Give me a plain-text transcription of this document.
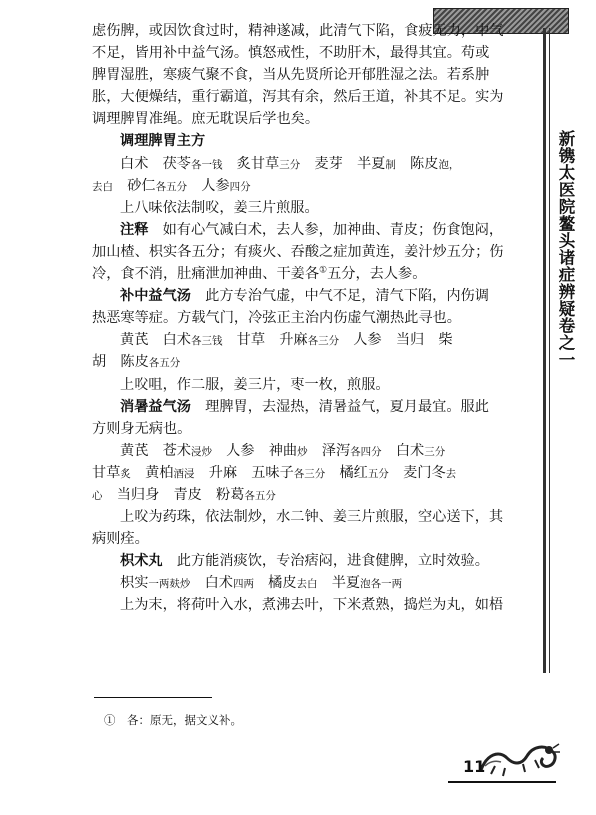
新镌太医院鳌头诸症辨疑卷之一
虑伤脾，或因饮食过时，精神遂减，此清气下陷，食疲无力，中气
不足，皆用补中益气汤。慎怒戒性，不助肝木，最得其宜。苟或
脾胃湿胜，寒痰气聚不食，当从先贤所论开郁胜湿之法。若系肿
胀，大便燥结，重行霸道，泻其有余，然后王道，补其不足。实为
调理脾胃准绳。庶无耽误后学也矣。
调理脾胃主方
白术　茯苓各一钱　炙甘草三分　麦芽　半夏制　陈皮泡，
去白　砂仁各五分　人参四分
上八味依法制㕮，姜三片煎服。
注释　如有心气减白术，去人参，加神曲、青皮；伤食饱闷，
加山楂、枳实各五分；有痰火、吞酸之症加黄连，姜汁炒五分；伤
冷，食不消，肚痛泄加神曲、干姜各①五分，去人参。
补中益气汤　此方专治气虚，中气不足，清气下陷，内伤调
热恶寒等症。方载气门，冷弦正主治内伤虚气潮热此寻也。
黄芪　白术各三钱　甘草　升麻各三分　人参　当归　柴
胡　陈皮各五分
上㕮咀，作二服，姜三片，枣一枚，煎服。
消暑益气汤　理脾胃，去湿热，清暑益气，夏月最宜。服此
方则身无病也。
黄芪　苍术浸炒　人参　神曲炒　泽泻各四分　白术三分
甘草炙　黄柏酒浸　升麻　五味子各三分　橘红五分　麦门冬去
心　当归身　青皮　粉葛各五分
上㕮为药珠，依法制炒，水二钟、姜三片煎服，空心送下，其
病则痊。
枳术丸　此方能消痰饮，专治痞闷，进食健脾，立时效验。
枳实一两麸炒　白术四两　橘皮去白　半夏泡各一两
上为末，将荷叶入水，煮沸去叶，下米煮熟，捣烂为丸，如梧
①　各：原无，据文义补。
11
